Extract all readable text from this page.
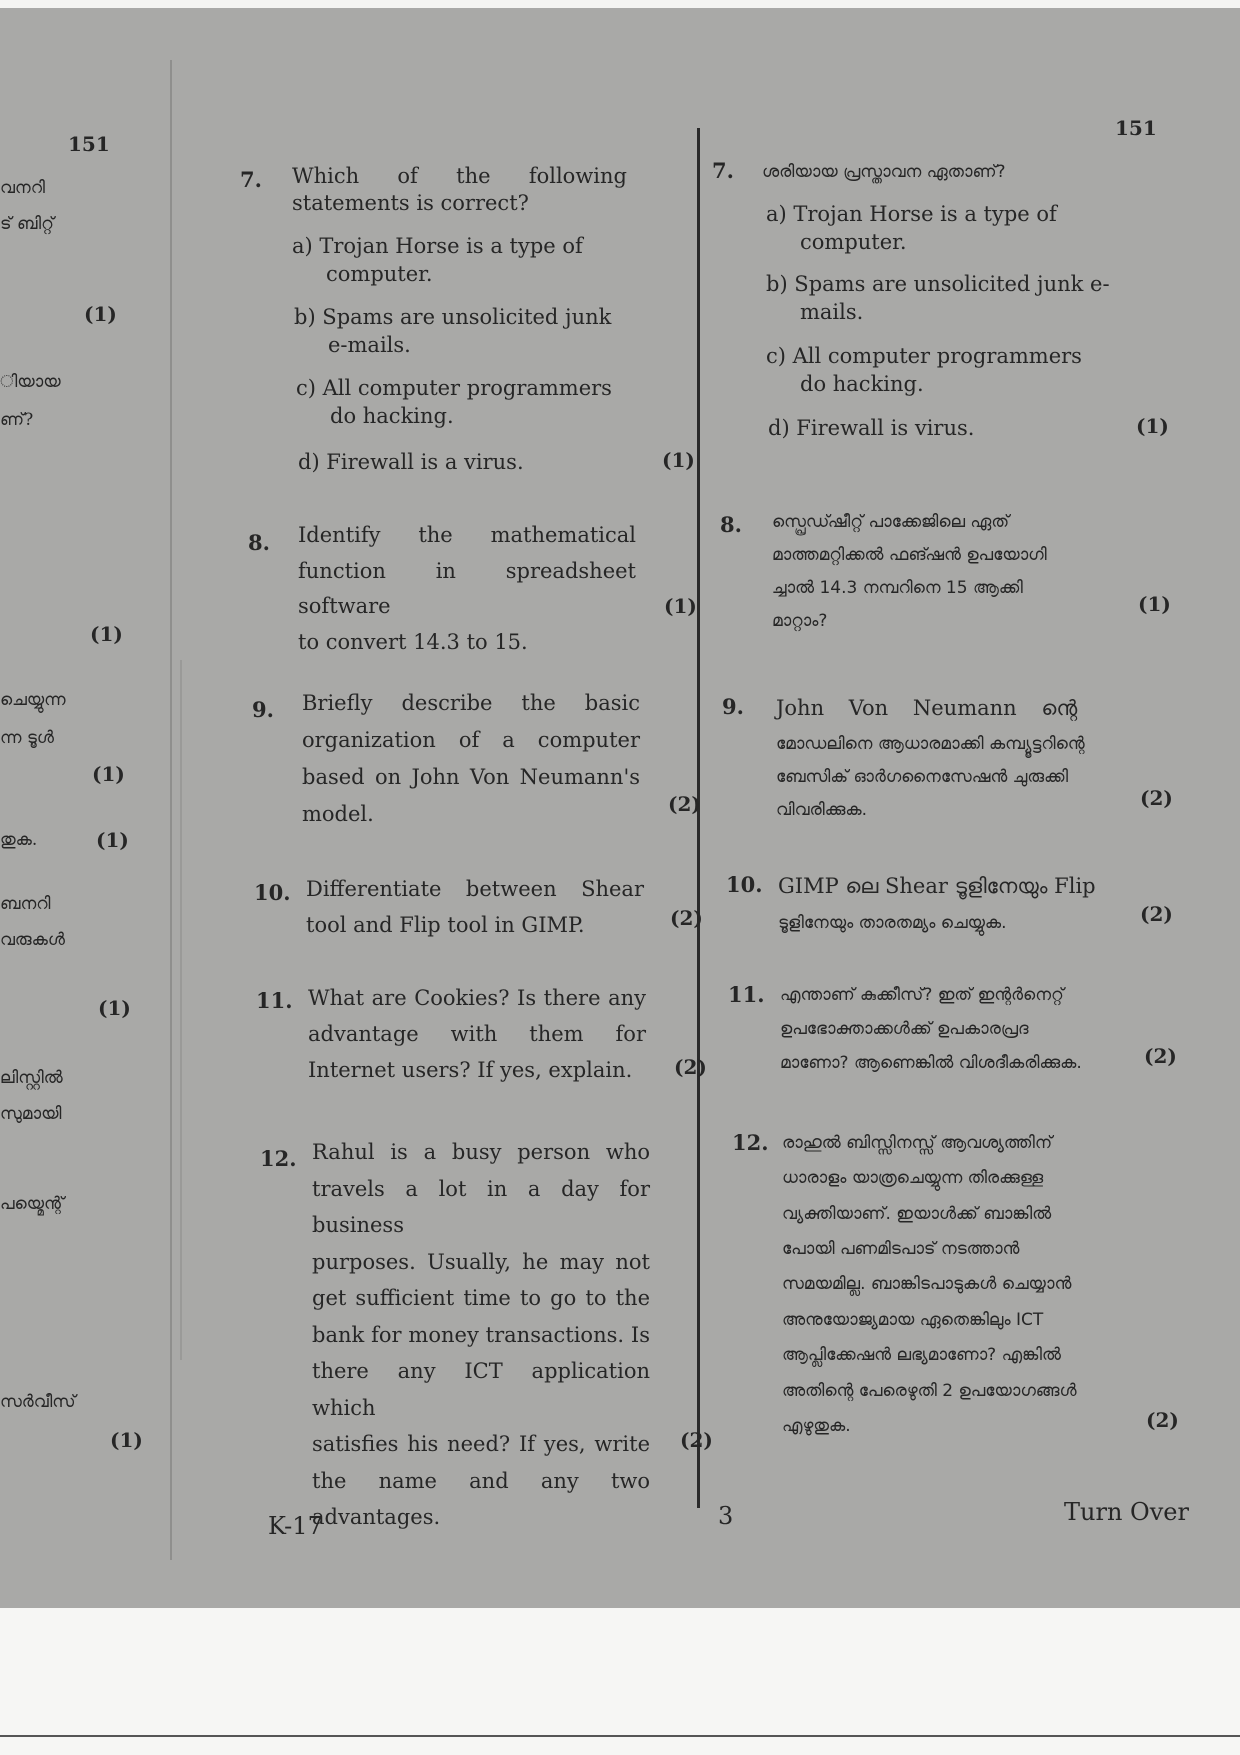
151
വനറി
ട് ബിറ്റ്
(1)
ിയായ
ണ്?
(1)
ചെയ്യുന്ന
ന്ന ടൂൾ
(1)
തുക.	(1)
ബനറി
വരുകൾ
(1)
ലിസ്റ്റിൽ
സുമായി
പയ്മെന്റ്
സർവീസ്
(1)
151
7. Which of the following
statements is correct?
a) Trojan Horse is a type of
computer.
b) Spams are unsolicited junk
e-mails.
c) All computer programmers
do hacking.
d) Firewall is a virus.	(1)
8. Identify the mathematical
function in spreadsheet software
to convert 14.3 to 15.
(1)
9. Briefly describe the basic
organization of a computer
based on John Von Neumann's
model.	(2)
10. Differentiate between Shear
tool and Flip tool in GIMP.	(2)
11. What are Cookies? Is there any
advantage with them for
Internet users? If yes, explain.	(2)
12. Rahul is a busy person who
travels a lot in a day for business
purposes. Usually, he may not
get sufficient time to go to the
bank for money transactions. Is
there any ICT application which
satisfies his need? If yes, write
the name and any two
advantages.
(2)
7. ശരിയായ പ്രസ്താവന ഏതാണ്?
a) Trojan Horse is a type of
computer.
b) Spams are unsolicited junk e-
mails.
c) All computer programmers
do hacking.
d) Firewall is virus.	(1)
8. സ്പ്രെഡ്ഷീറ്റ് പാക്കേജിലെ ഏത്
മാത്തമറ്റിക്കൽ ഫങ്ഷൻ ഉപയോഗി
ച്ചാൽ 14.3 നമ്പറിനെ 15 ആക്കി
മാറ്റാം?
(1)
9. John Von Neumann ന്റെ
മോഡലിനെ ആധാരമാക്കി കമ്പ്യൂട്ടറിന്റെ
ബേസിക് ഓർഗനൈസേഷൻ ചുരുക്കി
വിവരിക്കുക.	(2)
10. GIMP ലെ Shear ടൂളിനേയും Flip
ടൂളിനേയും താരതമ്യം ചെയ്യുക.	(2)
11. എന്താണ് കുക്കീസ്? ഇത് ഇന്റർനെറ്റ്
ഉപഭോക്താക്കൾക്ക് ഉപകാരപ്രദ
മാണോ? ആണെങ്കിൽ വിശദീകരിക്കുക.	(2)
12. രാഹുൽ ബിസ്സിനസ്സ് ആവശ്യത്തിന്
ധാരാളം യാത്രചെയ്യുന്ന തിരക്കുള്ള
വ്യക്തിയാണ്. ഇയാൾക്ക് ബാങ്കിൽ
പോയി പണമിടപാട് നടത്താൻ
സമയമില്ല. ബാങ്കിടപാടുകൾ ചെയ്യാൻ
അനുയോജ്യമായ ഏതെങ്കിലും ICT
ആപ്ലിക്കേഷൻ ലഭ്യമാണോ? എങ്കിൽ
അതിന്റെ പേരെഴുതി 2 ഉപയോഗങ്ങൾ
എഴുതുക.	(2)
K-17	3	Turn Over
